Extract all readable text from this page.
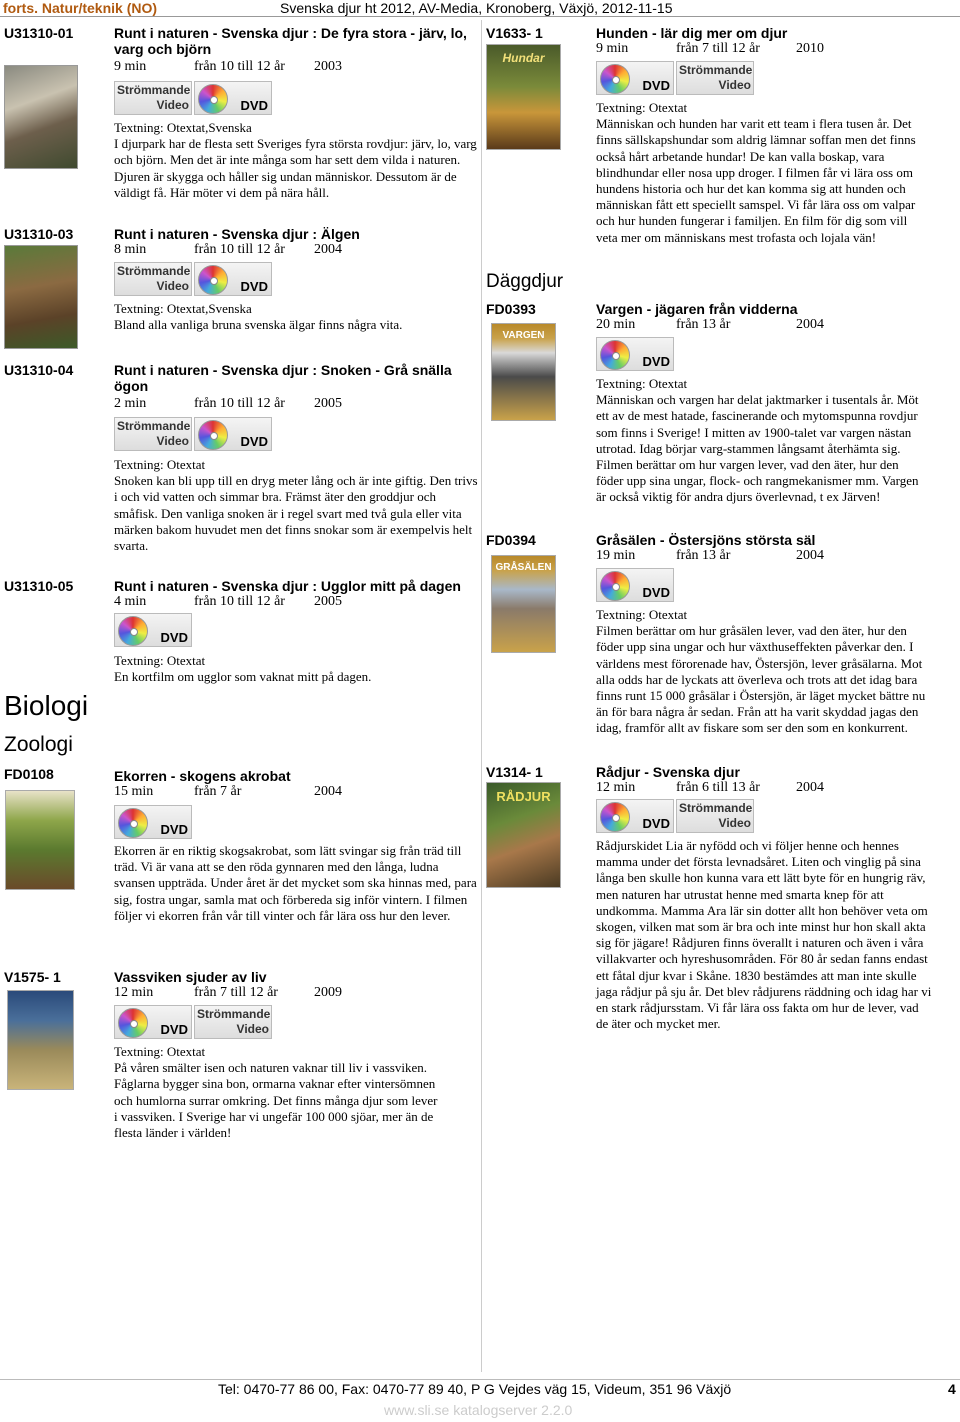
forts. Natur/teknik (NO)	Svenska djur ht 2012, AV-Media, Kronoberg, Växjö, 2012-11-15
U31310-01	Runt i naturen - Svenska djur : De fyra stora - järv, lo, varg och björn
9 min	från 10 till 12 år 2003
Strömmande
Video	DVD
Textning: Otextat,Svenska
I djurpark har de flesta sett Sveriges fyra största rovdjur: järv, lo, varg och björn. Men det är inte många som har sett dem vilda i naturen. Djuren är skygga och håller sig undan människor. Dessutom är de väldigt få. Här möter vi dem på nära håll.
U31310-03	Runt i naturen - Svenska djur : Älgen
8 min	från 10 till 12 år 2004
Strömmande
Video	DVD
Textning: Otextat,Svenska
Bland alla vanliga bruna svenska älgar finns några vita.
U31310-04	Runt i naturen - Svenska djur : Snoken - Grå snälla ögon
2 min	från 10 till 12 år 2005
Strömmande
Video	DVD
Textning: Otextat
Snoken kan bli upp till en dryg meter lång och är inte giftig. Den trivs i och vid vatten och simmar bra. Främst äter den groddjur och småfisk. Den vanliga snoken är i regel svart med två gula eller vita märken bakom huvudet men det finns snokar som är exempelvis helt svarta.
U31310-05	Runt i naturen - Svenska djur : Ugglor mitt på dagen
4 min	från 10 till 12 år 2005
DVD
Textning: Otextat
En kortfilm om ugglor som vaknat mitt på dagen.
Biologi
Zoologi
FD0108	Ekorren - skogens akrobat
15 min	från 7 år	2004
DVD
Ekorren är en riktig skogsakrobat, som lätt svingar sig från träd till träd. Vi är vana att se den röda gynnaren med den långa, ludna svansen uppträda. Under året är det mycket som ska hinnas med, para sig, fostra ungar, samla mat och förbereda sig inför vintern. I filmen följer vi ekorren från vår till vinter och får lära oss hur den lever.
V1575- 1	Vassviken sjuder av liv
12 min	från 7 till 12 år	2009
DVD
Strömmande
Video
Textning: Otextat
På våren smälter isen och naturen vaknar till liv i vassviken. Fåglarna bygger sina bon, ormarna vaknar efter vintersömnen och humlorna surrar omkring. Det finns många djur som lever i vassviken. I Sverige har vi ungefär 100 000 sjöar, mer än de flesta länder i världen!
V1633- 1
Hundar
Hunden - lär dig mer om djur
9 min	från 7 till 12 år	2010
DVD
Strömmande
Video
Textning: Otextat
Människan och hunden har varit ett team i flera tusen år. Det finns sällskapshundar som aldrig lämnar soffan men det finns också hårt arbetande hundar! De kan valla boskap, vara blindhundar eller nosa upp droger. I filmen får vi lära oss om hundens historia och hur det kan komma sig att hunden och människan fått ett speciellt samspel. Vi får lära oss om valpar och hur hunden fungerar i familjen. En film för dig som vill veta mer om människans mest trofasta och lojala vän!
Däggdjur
FD0393
VARGEN
Vargen - jägaren från vidderna
20 min	från 13 år	2004
DVD
Textning: Otextat
Människan och vargen har delat jaktmarker i tusentals år. Möt ett av de mest hatade, fascinerande och mytomspunna rovdjur som finns i Sverige! I mitten av 1900-talet var vargen nästan utrotad. Idag börjar varg-stammen långsamt återhämta sig. Filmen berättar om hur vargen lever, vad den äter, hur den föder upp sina ungar, flock- och rangmekanismer mm. Vargen är också viktig för andra djurs överlevnad, t ex Järven!
FD0394
GRÅSÄLEN
Gråsälen - Östersjöns största säl
19 min	från 13 år	2004
DVD
Textning: Otextat
Filmen berättar om hur gråsälen lever, vad den äter, hur den föder upp sina ungar och hur växthuseffekten påverkar den. I världens mest förorenade hav, Östersjön, lever gråsälarna. Mot alla odds har de lyckats att överleva och trots att det idag bara finns runt 15 000 gråsälar i Östersjön, är läget mycket bättre nu än för bara några år sedan. Från att ha varit skyddad jagas den idag, framför allt av fiskare som ser den som en konkurrent.
V1314- 1
RÅDJUR
Rådjur - Svenska djur
12 min	från 6 till 13 år	2004
DVD
Strömmande
Video
Rådjurskidet Lia är nyfödd och vi följer henne och hennes mamma under det första levnadsåret. Liten och vinglig på sina långa ben skulle hon kunna vara ett lätt byte för en hungrig räv, men naturen har utrustat henne med smarta knep för att undkomma. Mamma Ara lär sin dotter allt hon behöver veta om skogen, vilken mat som är bra och inte minst hur hon skall akta sig för jägare! Rådjuren finns överallt i naturen och även i våra villakvarter och hyreshusområden. För 80 år sedan fanns endast ett fåtal djur kvar i Skåne. 1830 bestämdes att man inte skulle jaga rådjur på sju år. Det blev rådjurens räddning och idag har vi en stark rådjursstam. Vi får lära oss fakta om hur de lever, vad de äter och mycket mer.
Tel: 0470-77 86 00, Fax: 0470-77 89 40, P G Vejdes väg 15, Videum, 351 96 Växjö	4
www.sli.se katalogserver 2.2.0
